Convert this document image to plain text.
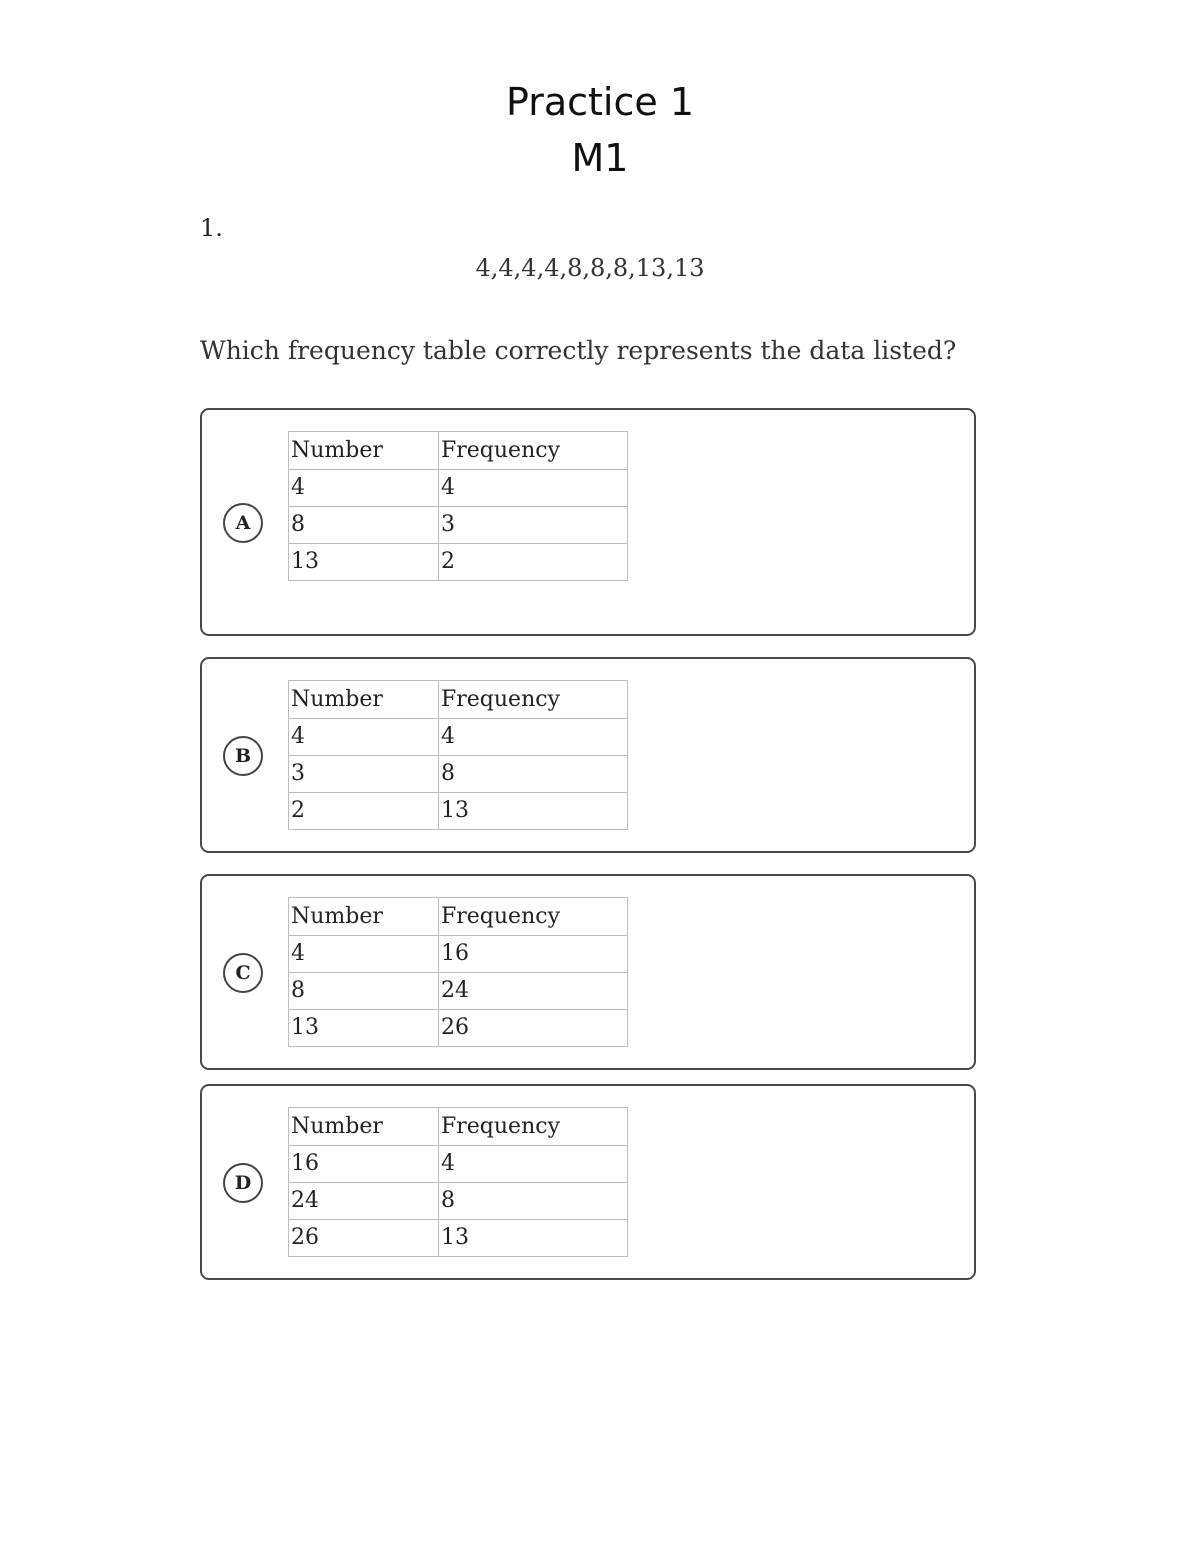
Practice 1
M1
1.
4,4,4,4,8,8,8,13,13
Which frequency table correctly represents the data listed?
A
Number	Frequency
4	4
8	3
13	2
B
Number	Frequency
4	4
3	8
2	13
C
Number	Frequency
4	16
8	24
13	26
D
Number	Frequency
16	4
24	8
26	13
